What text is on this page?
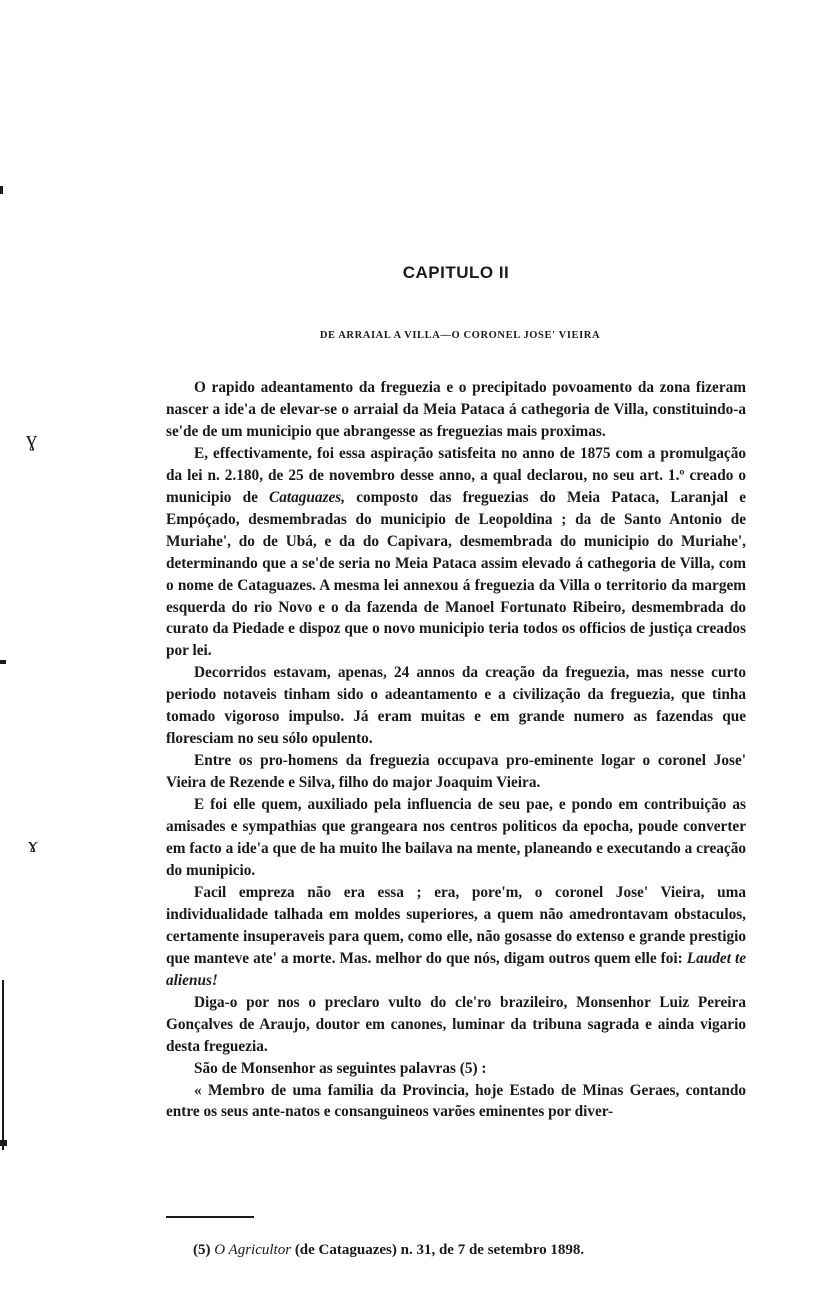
ɣ
ɤ
CAPITULO II
DE ARRAIAL A VILLA—O CORONEL JOSE' VIEIRA

O rapido adeantamento da freguezia e o precipitado povoamento da zona fizeram nascer a ide'a de elevar-se o arraial da Meia Pataca á cathegoria de Villa, constituindo-a se'de de um municipio que abrangesse as freguezias mais proximas.

E, effectivamente, foi essa aspiração satisfeita no anno de 1875 com a promulgação da lei n. 2.180, de 25 de novembro desse anno, a qual declarou, no seu art. 1.º creado o municipio de Cataguazes, composto das freguezias do Meia Pataca, Laranjal e Empóçado, desmembradas do municipio de Leopoldina ; da de Santo Antonio de Muriahe', do de Ubá, e da do Capivara, desmembrada do municipio do Muriahe', determinando que a se'de seria no Meia Pataca assim elevado á cathegoria de Villa, com o nome de Cataguazes. A mesma lei annexou á freguezia da Villa o territorio da margem esquerda do rio Novo e o da fazenda de Manoel Fortunato Ribeiro, desmembrada do curato da Piedade e dispoz que o novo municipio teria todos os officios de justiça creados por lei.

Decorridos estavam, apenas, 24 annos da creação da freguezia, mas nesse curto periodo notaveis tinham sido o adeantamento e a civilização da freguezia, que tinha tomado vigoroso impulso. Já eram muitas e em grande numero as fazendas que floresciam no seu sólo opulento.

Entre os pro-homens da freguezia occupava pro-eminente logar o coronel Jose' Vieira de Rezende e Silva, filho do major Joaquim Vieira.

E foi elle quem, auxiliado pela influencia de seu pae, e pondo em contribuição as amisades e sympathias que grangeara nos centros politicos da epocha, poude converter em facto a ide'a que de ha muito lhe bailava na mente, planeando e executando a creação do munipicio.

Facil empreza não era essa ; era, pore'm, o coronel Jose' Vieira, uma individualidade talhada em moldes superiores, a quem não amedrontavam obstaculos, certamente insuperaveis para quem, como elle, não gosasse do extenso e grande prestigio que manteve ate' a morte. Mas. melhor do que nós, digam outros quem elle foi: Laudet te alienus!

Diga-o por nos o preclaro vulto do cle'ro brazileiro, Monsenhor Luiz Pereira Gonçalves de Araujo, doutor em canones, luminar da tribuna sagrada e ainda vigario desta freguezia.

São de Monsenhor as seguintes palavras (5) :

« Membro de uma familia da Provincia, hoje Estado de Minas Geraes, contando entre os seus ante-natos e consanguineos varões eminentes por diver-

(5) O Agricultor (de Cataguazes) n. 31, de 7 de setembro 1898.
